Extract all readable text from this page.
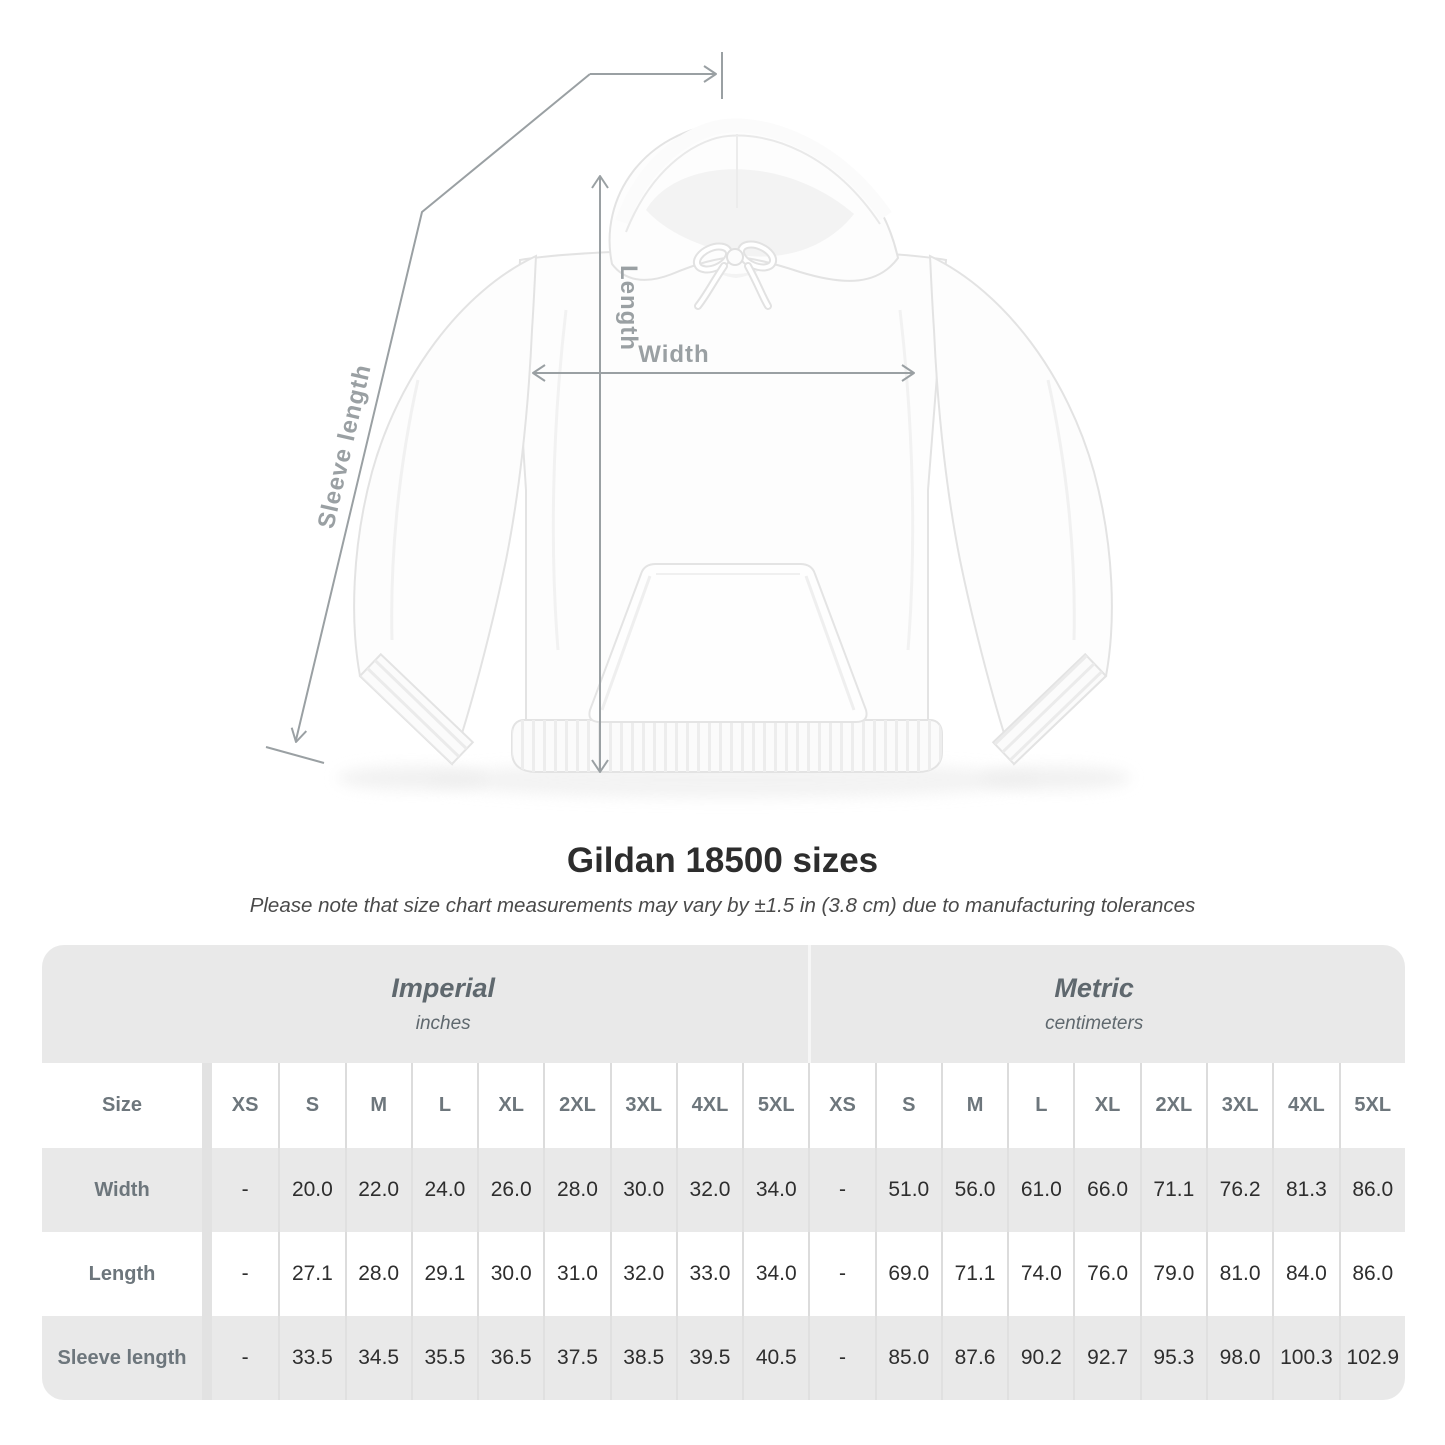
Width
Length
Sleeve length
Gildan 18500 sizes
Please note that size chart measurements may vary by ±1.5 in (3.8 cm) due to manufacturing tolerances
Imperial
inches

Metric
centimeters

Size	XS	S	M	L	XL	2XL	3XL	4XL	5XL	XS	S	M	L	XL	2XL	3XL	4XL	5XL
Width	-	20.0	22.0	24.0	26.0	28.0	30.0	32.0	34.0	-	51.0	56.0	61.0	66.0	71.1	76.2	81.3	86.0
Length	-	27.1	28.0	29.1	30.0	31.0	32.0	33.0	34.0	-	69.0	71.1	74.0	76.0	79.0	81.0	84.0	86.0
Sleeve length	-	33.5	34.5	35.5	36.5	37.5	38.5	39.5	40.5	-	85.0	87.6	90.2	92.7	95.3	98.0	100.3	102.9
